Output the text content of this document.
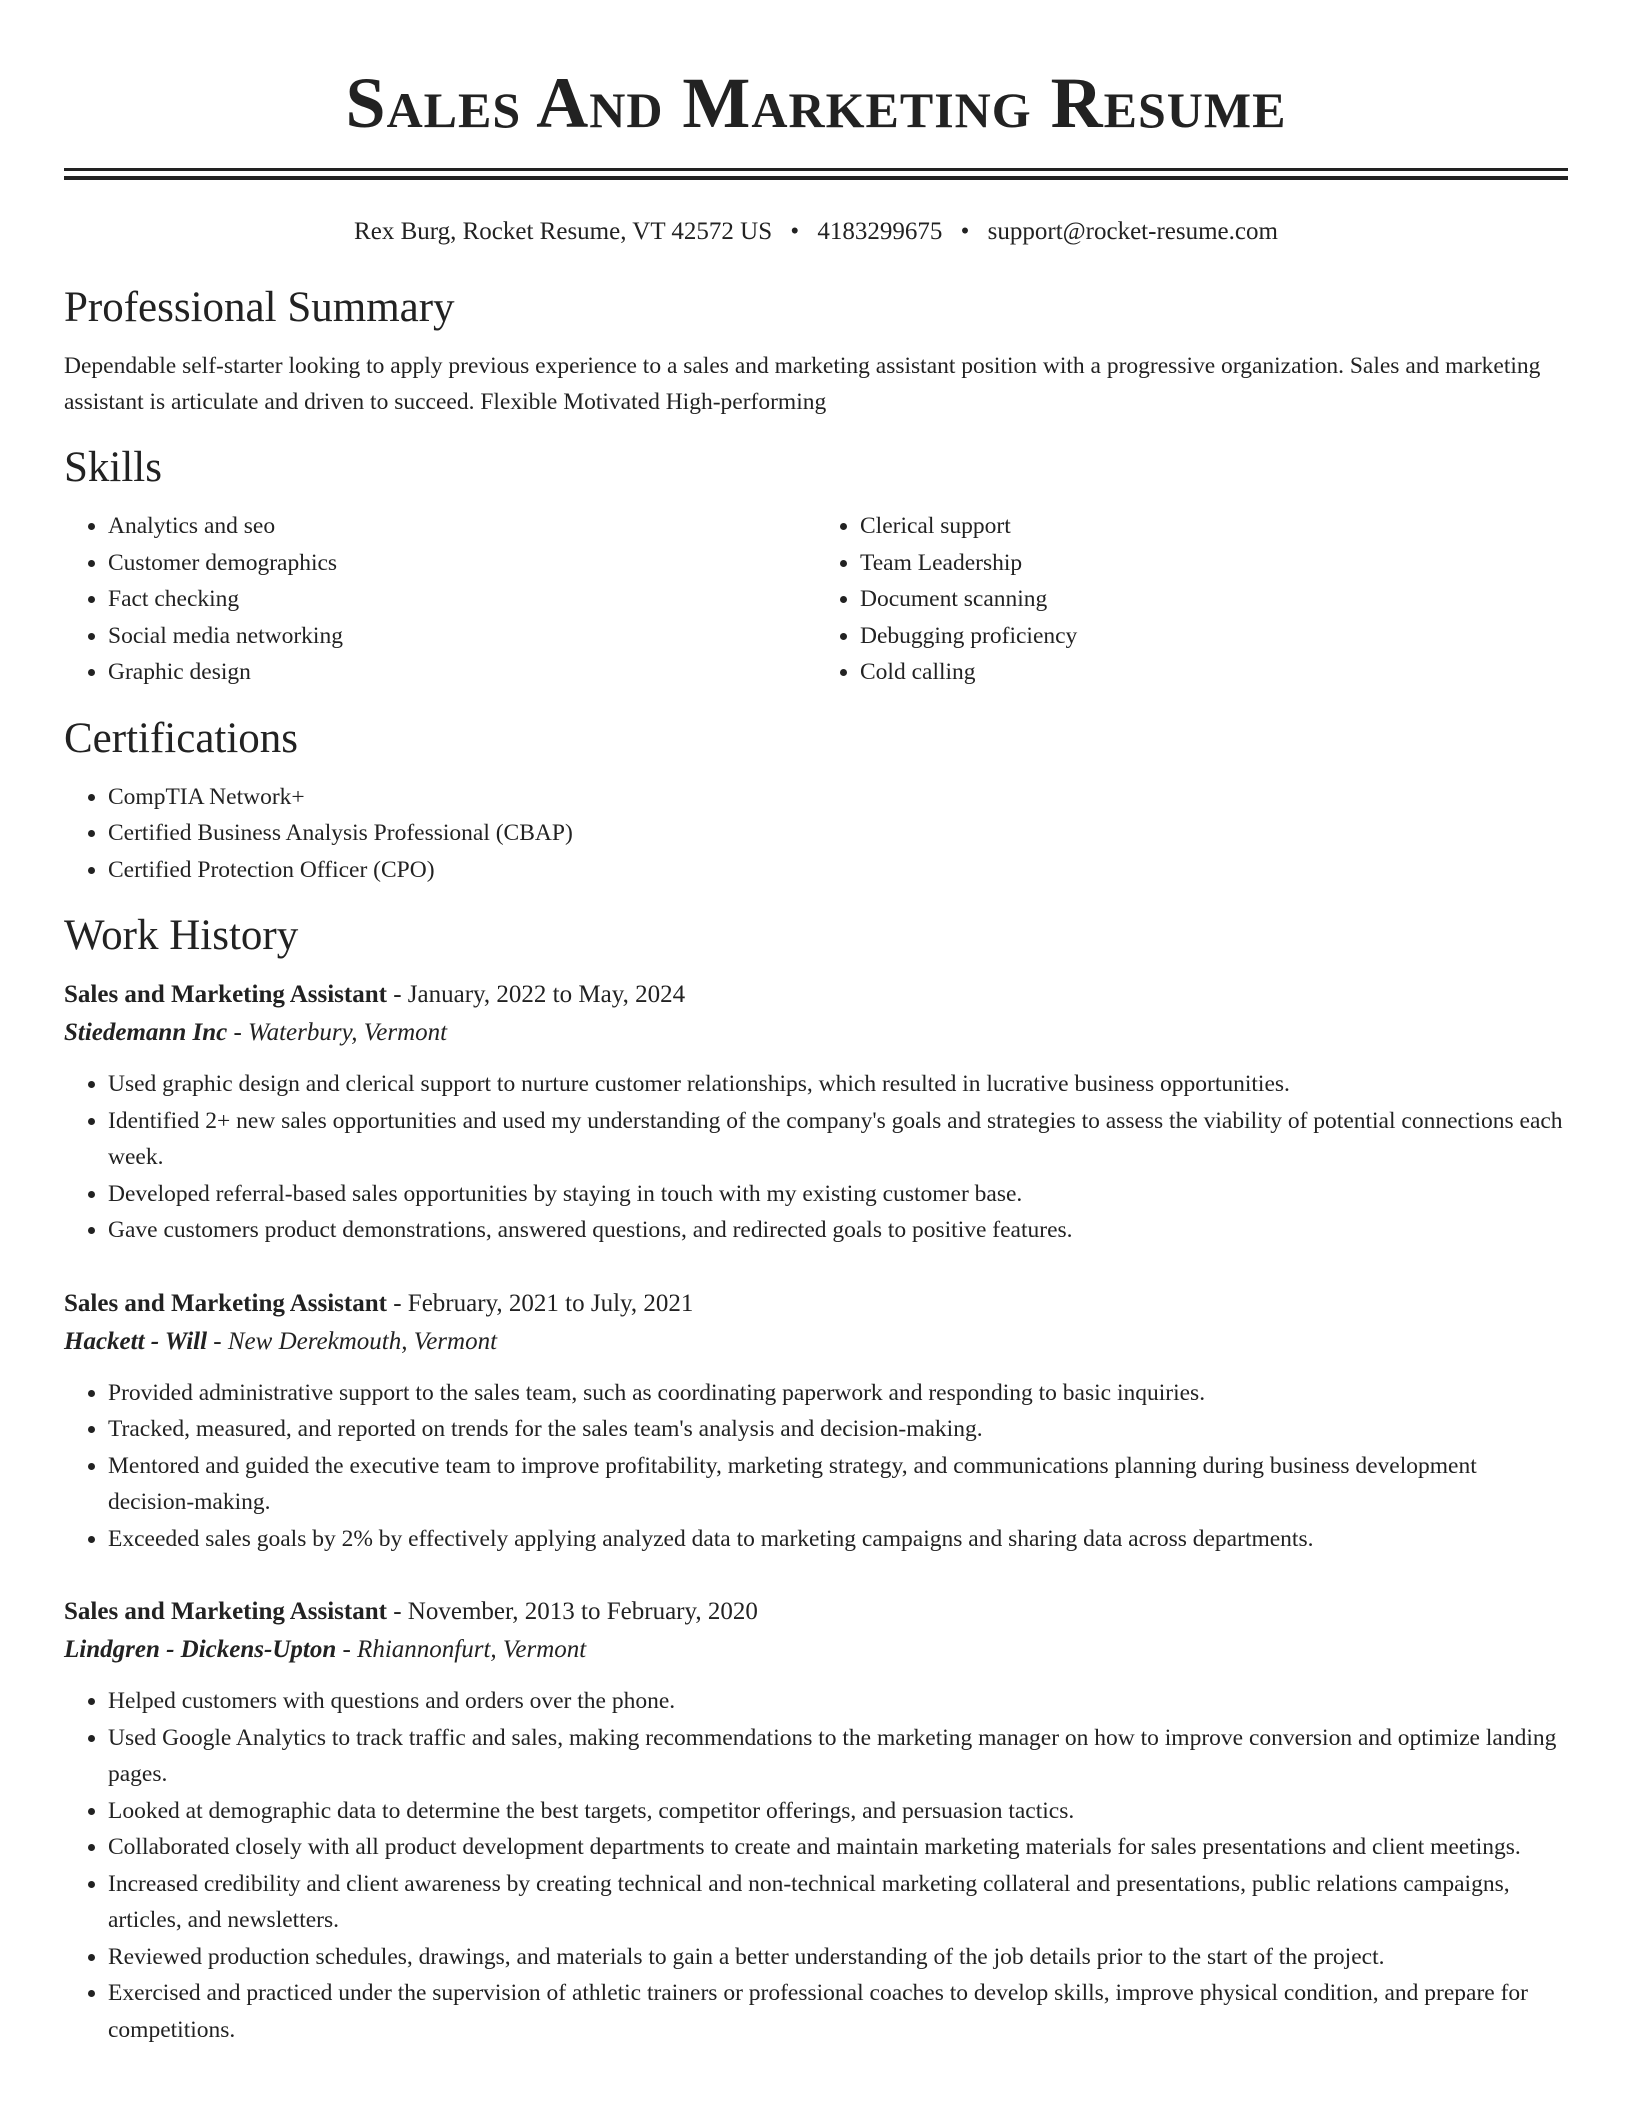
Sales And Marketing Resume
Rex Burg, Rocket Resume, VT 42572 US • 4183299675 • support@rocket-resume.com
Professional Summary

Dependable self-starter looking to apply previous experience to a sales and marketing assistant position with a progressive organization. Sales and marketing assistant is articulate and driven to succeed. Flexible Motivated High-performing

Skills
• Analytics and seo
• Customer demographics
• Fact checking
• Social media networking
• Graphic design
• Clerical support
• Team Leadership
• Document scanning
• Debugging proficiency
• Cold calling
Certifications
• CompTIA Network+
• Certified Business Analysis Professional (CBAP)
• Certified Protection Officer (CPO)
Work History
Sales and Marketing Assistant - January, 2022 to May, 2024
Stiedemann Inc - Waterbury, Vermont
• Used graphic design and clerical support to nurture customer relationships, which resulted in lucrative business opportunities.
• Identified 2+ new sales opportunities and used my understanding of the company's goals and strategies to assess the viability of potential connections each week.
• Developed referral-based sales opportunities by staying in touch with my existing customer base.
• Gave customers product demonstrations, answered questions, and redirected goals to positive features.
Sales and Marketing Assistant - February, 2021 to July, 2021
Hackett - Will - New Derekmouth, Vermont
• Provided administrative support to the sales team, such as coordinating paperwork and responding to basic inquiries.
• Tracked, measured, and reported on trends for the sales team's analysis and decision-making.
• Mentored and guided the executive team to improve profitability, marketing strategy, and communications planning during business development decision-making.
• Exceeded sales goals by 2% by effectively applying analyzed data to marketing campaigns and sharing data across departments.
Sales and Marketing Assistant - November, 2013 to February, 2020
Lindgren - Dickens-Upton - Rhiannonfurt, Vermont
• Helped customers with questions and orders over the phone.
• Used Google Analytics to track traffic and sales, making recommendations to the marketing manager on how to improve conversion and optimize landing pages.
• Looked at demographic data to determine the best targets, competitor offerings, and persuasion tactics.
• Collaborated closely with all product development departments to create and maintain marketing materials for sales presentations and client meetings.
• Increased credibility and client awareness by creating technical and non-technical marketing collateral and presentations, public relations campaigns, articles, and newsletters.
• Reviewed production schedules, drawings, and materials to gain a better understanding of the job details prior to the start of the project.
• Exercised and practiced under the supervision of athletic trainers or professional coaches to develop skills, improve physical condition, and prepare for competitions.
